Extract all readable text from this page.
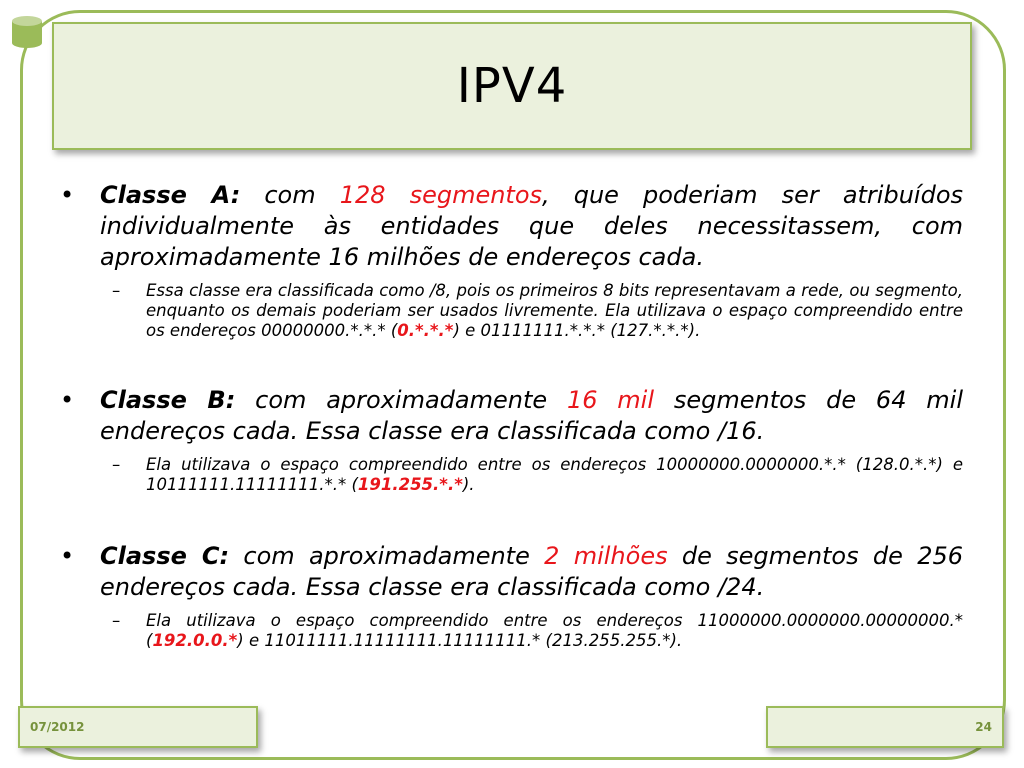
IPV4
• Classe A: com 128 segmentos, que poderiam ser atribuídos individualmente às entidades que deles necessitassem, com aproximadamente 16 milhões de endereços cada.
– Essa classe era classificada como /8, pois os primeiros 8 bits representavam a rede, ou segmento, enquanto os demais poderiam ser usados livremente. Ela utilizava o espaço compreendido entre os endereços 00000000.*.*.* (0.*.*.*) e 01111111.*.*.* (127.*.*.*).
• Classe B: com aproximadamente 16 mil segmentos de 64 mil endereços cada. Essa classe era classificada como /16.
– Ela utilizava o espaço compreendido entre os endereços 10000000.0000000.*.* (128.0.*.*) e 10111111.11111111.*.* (191.255.*.*).
• Classe C: com aproximadamente 2 milhões de segmentos de 256 endereços cada. Essa classe era classificada como /24.
– Ela utilizava o espaço compreendido entre os endereços 11000000.0000000.00000000.* (192.0.0.*) e 11011111.11111111.11111111.* (213.255.255.*).
07/2012	24
